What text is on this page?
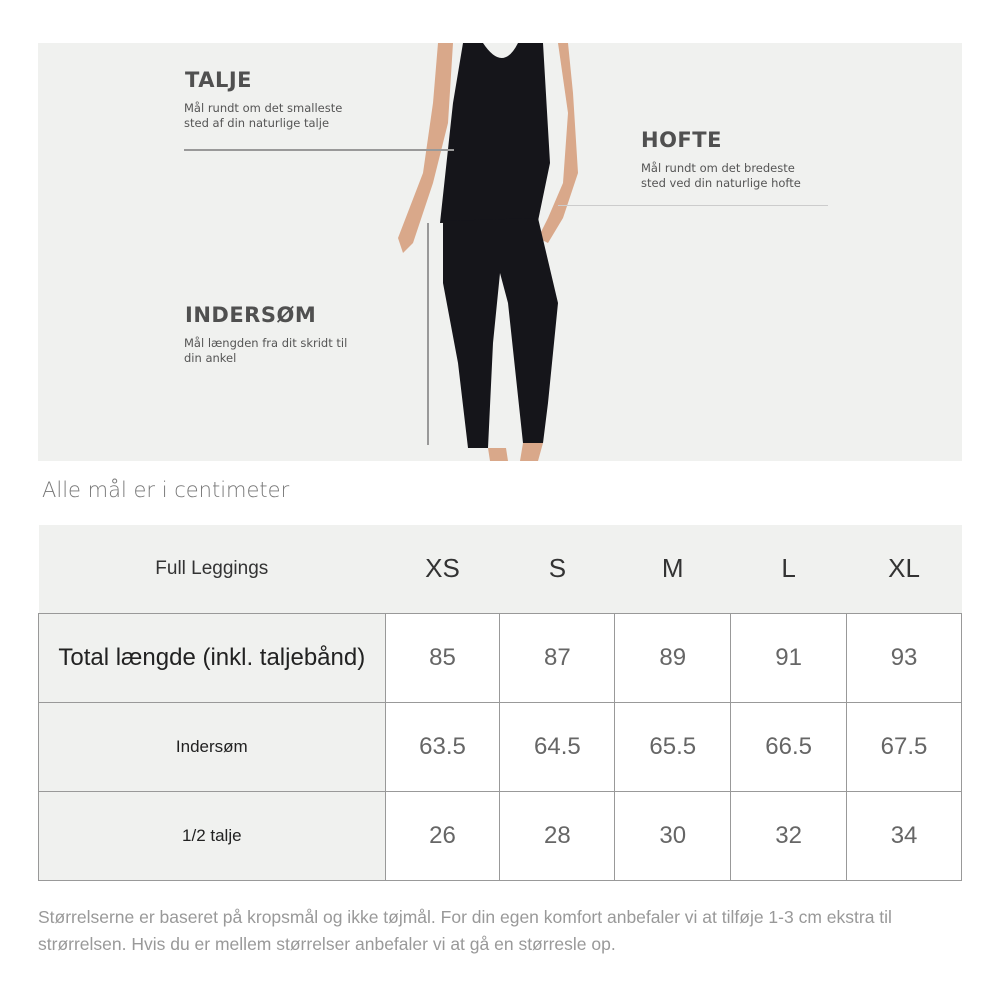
TALJE
Mål rundt om det smalleste sted af din naturlige talje
HOFTE
Mål rundt om det bredeste sted ved din naturlige hofte
INDERSØM
Mål længden fra dit skridt til din ankel
Alle mål er i centimeter
Full Leggings	XS	S	M	L	XL
Total længde (inkl. taljebånd)	85	87	89	91	93
Indersøm	63.5	64.5	65.5	66.5	67.5
1/2 talje	26	28	30	32	34
Størrelserne er baseret på kropsmål og ikke tøjmål. For din egen komfort anbefaler vi at tilføje 1-3 cm ekstra til strørrelsen. Hvis du er mellem størrelser anbefaler vi at gå en størresle op.
